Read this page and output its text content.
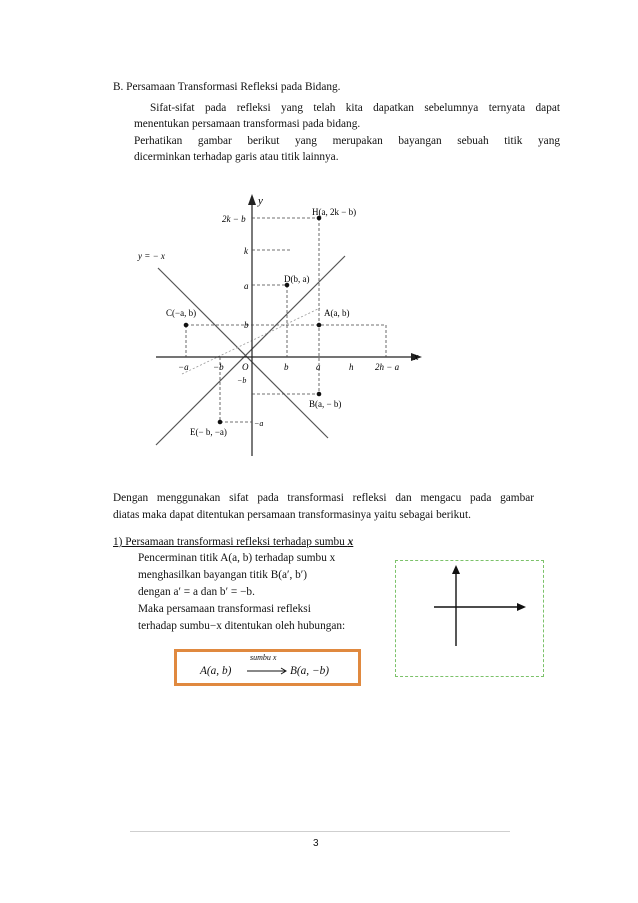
B. Persamaan Transformasi Refleksi pada Bidang.
Sifat-sifat pada refleksi yang telah kita dapatkan sebelumnya ternyata dapat
menentukan persamaan transformasi pada bidang.
Perhatikan gambar berikut yang merupakan bayangan sebuah titik yang
dicerminkan terhadap garis atau titik lainnya.
y
x
y = − x
2k − b
k
a
b
−b
−a
−a	−b	b	a	h 2h − a
O
H(a, 2k − b)
D(b, a)
A(a, b)
C(−a, b)
B(a, − b)
E(− b, −a)
Dengan menggunakan sifat pada transformasi refleksi dan mengacu pada gambar
diatas maka dapat ditentukan persamaan transformasinya yaitu sebagai berikut.
1) Persamaan transformasi refleksi terhadap sumbu x
Pencerminan titik A(a, b) terhadap sumbu x
menghasilkan bayangan titik B(a′, b′)
dengan a′ = a dan b′ = −b.
Maka persamaan transformasi refleksi
terhadap sumbu−x ditentukan oleh hubungan:
A(a, b)
sumbu x
B(a, −b)
3
